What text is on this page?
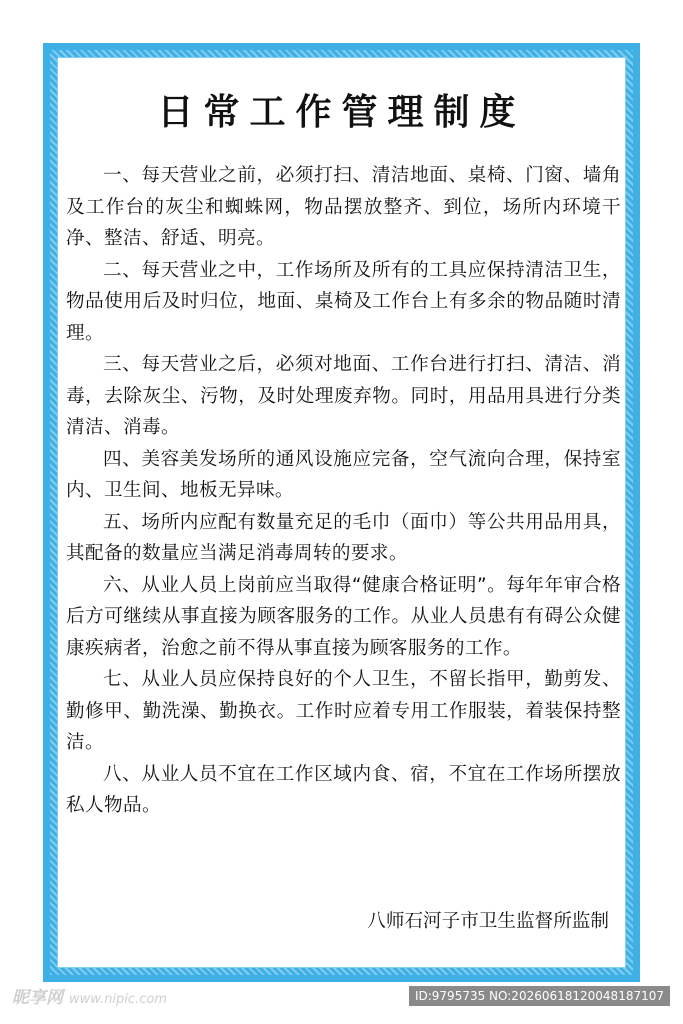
日常工作管理制度

一、每天营业之前，必须打扫、清洁地面、桌椅、门窗、墙角及工作台的灰尘和蜘蛛网，物品摆放整齐、到位，场所内环境干净、整洁、舒适、明亮。

二、每天营业之中，工作场所及所有的工具应保持清洁卫生，物品使用后及时归位，地面、桌椅及工作台上有多余的物品随时清理。

三、每天营业之后，必须对地面、工作台进行打扫、清洁、消毒，去除灰尘、污物，及时处理废弃物。同时，用品用具进行分类清洁、消毒。

四、美容美发场所的通风设施应完备，空气流向合理，保持室内、卫生间、地板无异味。

五、场所内应配有数量充足的毛巾（面巾）等公共用品用具，其配备的数量应当满足消毒周转的要求。

六、从业人员上岗前应当取得“健康合格证明”。每年年审合格后方可继续从事直接为顾客服务的工作。从业人员患有有碍公众健康疾病者，治愈之前不得从事直接为顾客服务的工作。

七、从业人员应保持良好的个人卫生，不留长指甲，勤剪发、勤修甲、勤洗澡、勤换衣。工作时应着专用工作服装，着装保持整洁。

八、从业人员不宜在工作区域内食、宿，不宜在工作场所摆放私人物品。

八师石河子市卫生监督所监制
昵享网 www.nipic.com	ID:9795735 NO:20260618120048187107
